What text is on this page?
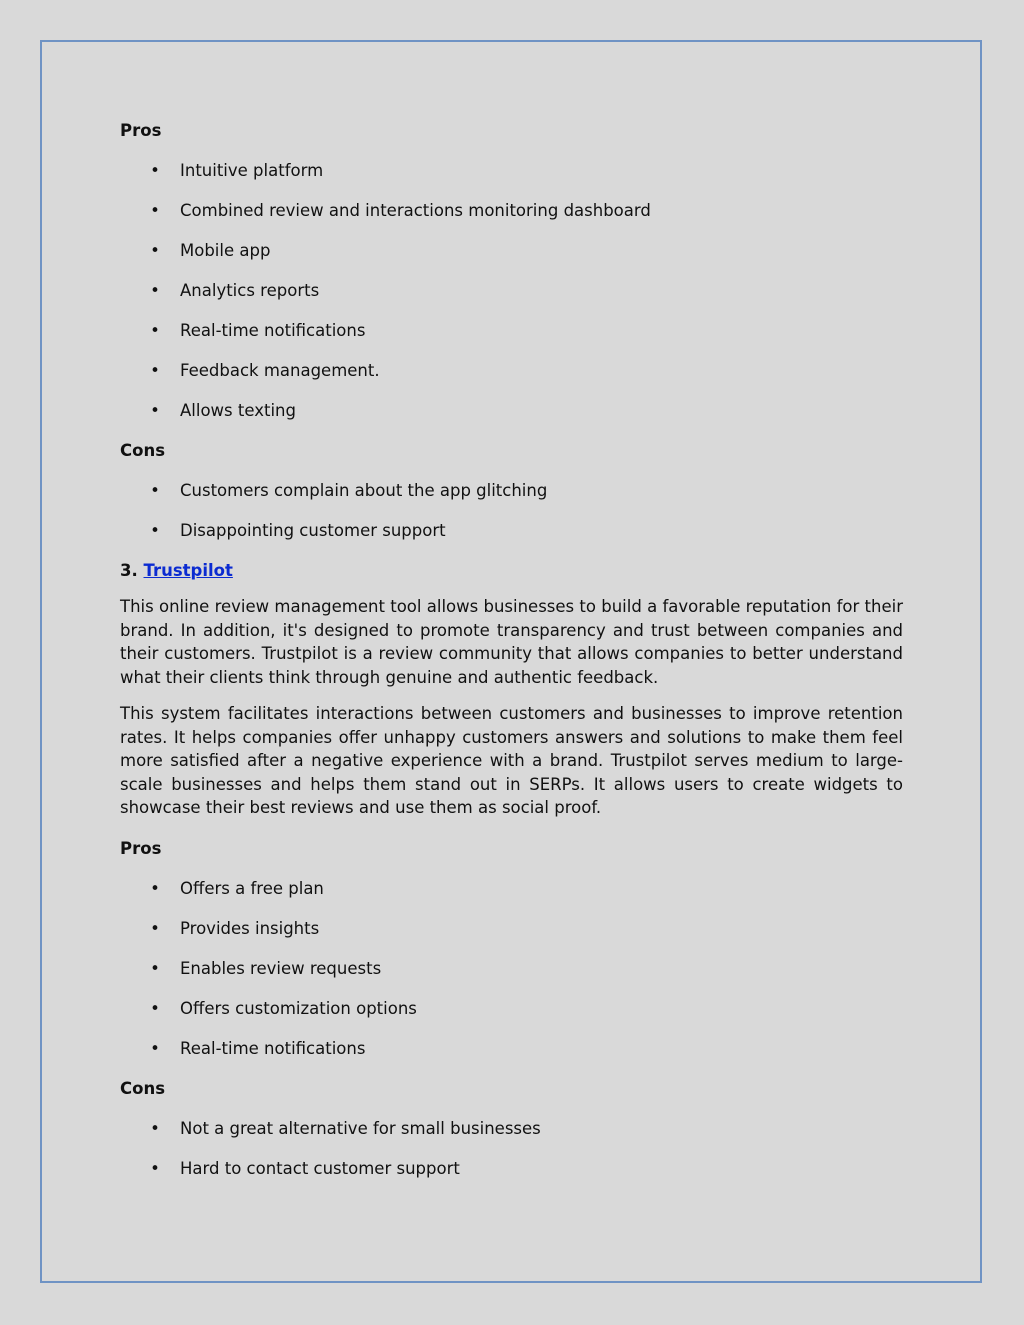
Pros
• Intuitive platform
• Combined review and interactions monitoring dashboard
• Mobile app
• Analytics reports
• Real-time notifications
• Feedback management.
• Allows texting
Cons
• Customers complain about the app glitching
• Disappointing customer support
3. Trustpilot

This online review management tool allows businesses to build a favorable reputation for their brand. In addition, it's designed to promote transparency and trust between companies and their customers. Trustpilot is a review community that allows companies to better understand what their clients think through genuine and authentic feedback.

This system facilitates interactions between customers and businesses to improve retention rates. It helps companies offer unhappy customers answers and solutions to make them feel more satisfied after a negative experience with a brand. Trustpilot serves medium to large-scale businesses and helps them stand out in SERPs. It allows users to create widgets to showcase their best reviews and use them as social proof.

Pros
• Offers a free plan
• Provides insights
• Enables review requests
• Offers customization options
• Real-time notifications
Cons
• Not a great alternative for small businesses
• Hard to contact customer support
